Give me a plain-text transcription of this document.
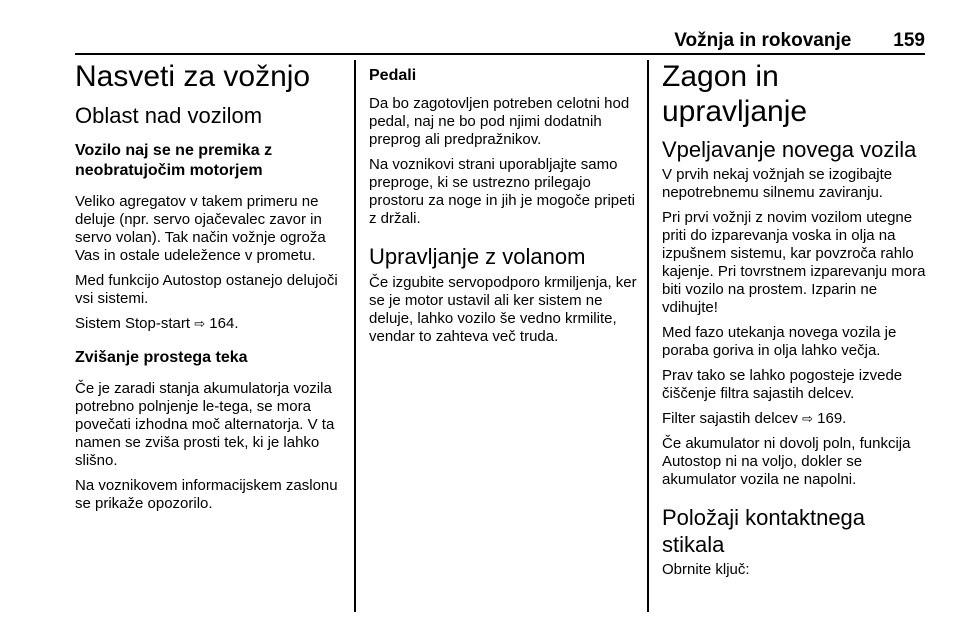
Vožnja in rokovanje 159
Nasveti za vožnjo
Oblast nad vozilom
Vozilo naj se ne premika z neobratujočim motorjem

Veliko agregatov v takem primeru ne deluje (npr. servo ojačevalec zavor in servo volan). Tak način vožnje ogroža Vas in ostale udeležence v prometu.

Med funkcijo Autostop ostanejo delujoči vsi sistemi.

Sistem Stop-start ⇨ 164.

Zvišanje prostega teka

Če je zaradi stanja akumulatorja vozila potrebno polnjenje le-tega, se mora povečati izhodna moč alternatorja. V ta namen se zviša prosti tek, ki je lahko slišno.

Na voznikovem informacijskem zaslonu se prikaže opozorilo.

Pedali

Da bo zagotovljen potreben celotni hod pedal, naj ne bo pod njimi dodatnih preprog ali predpražnikov.

Na voznikovi strani uporabljajte samo preproge, ki se ustrezno prilegajo prostoru za noge in jih je mogoče pripeti z držali.

Upravljanje z volanom

Če izgubite servopodporo krmiljenja, ker se je motor ustavil ali ker sistem ne deluje, lahko vozilo še vedno krmilite, vendar to zahteva več truda.

Zagon in upravljanje
Vpeljavanje novega vozila

V prvih nekaj vožnjah se izogibajte nepotrebnemu silnemu zaviranju.

Pri prvi vožnji z novim vozilom utegne priti do izparevanja voska in olja na izpušnem sistemu, kar povzroča rahlo kajenje. Pri tovrstnem izparevanju mora biti vozilo na prostem. Izparin ne vdihujte!

Med fazo utekanja novega vozila je poraba goriva in olja lahko večja.

Prav tako se lahko pogosteje izvede čiščenje filtra sajastih delcev.

Filter sajastih delcev ⇨ 169.

Če akumulator ni dovolj poln, funkcija Autostop ni na voljo, dokler se akumulator vozila ne napolni.

Položaji kontaktnega stikala

Obrnite ključ:
